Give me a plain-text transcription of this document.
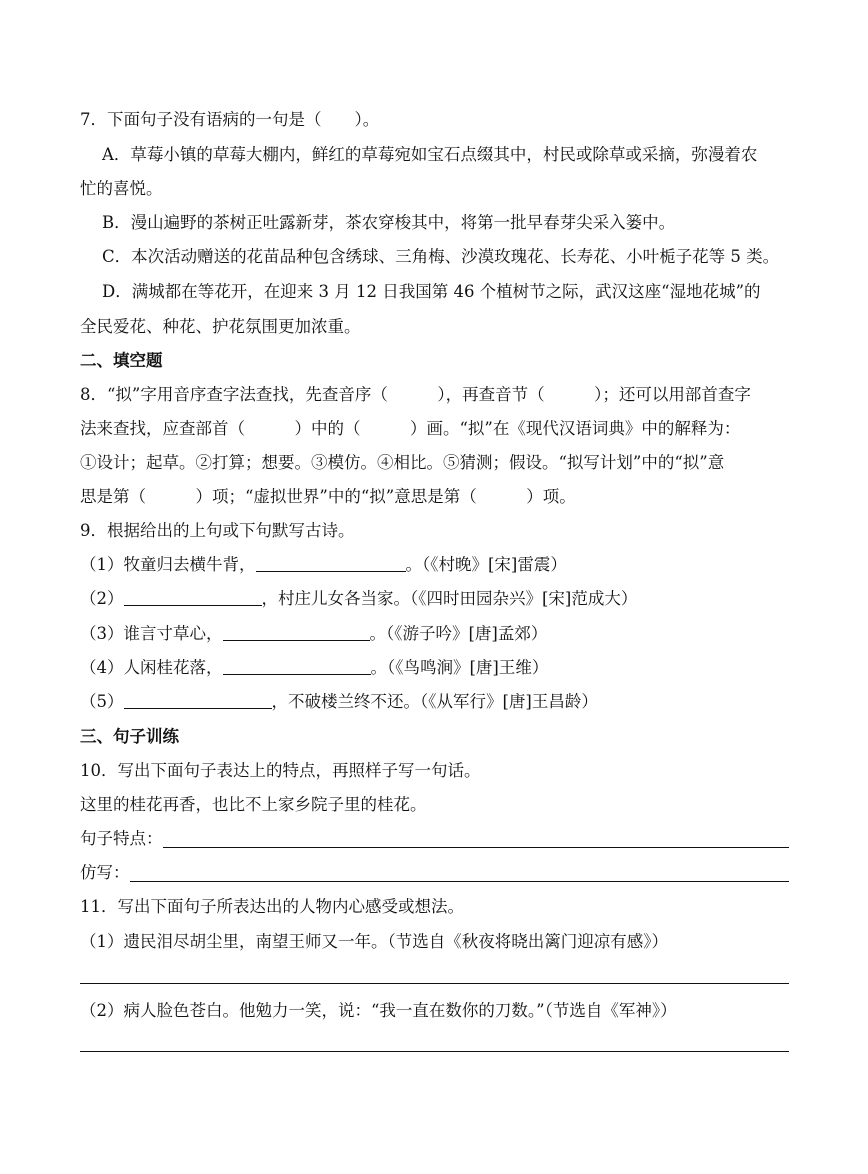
7．下面句子没有语病的一句是（　　）。
A．草莓小镇的草莓大棚内，鲜红的草莓宛如宝石点缀其中，村民或除草或采摘，弥漫着农
忙的喜悦。
B．漫山遍野的茶树正吐露新芽，茶农穿梭其中，将第一批早春芽尖采入篓中。
C．本次活动赠送的花苗品种包含绣球、三角梅、沙漠玫瑰花、长寿花、小叶栀子花等 5 类。
D．满城都在等花开，在迎来 3 月 12 日我国第 46 个植树节之际，武汉这座“湿地花城”的
全民爱花、种花、护花氛围更加浓重。
二、填空题
8．“拟”字用音序查字法查找，先查音序（　　　），再查音节（　　　）；还可以用部首查字
法来查找，应查部首（　　　）中的（　　　）画。“拟”在《现代汉语词典》中的解释为：
①设计；起草。②打算；想要。③模仿。④相比。⑤猜测；假设。“拟写计划”中的“拟”意
思是第（　　　）项；“虚拟世界”中的“拟”意思是第（　　　）项。
9．根据给出的上句或下句默写古诗。
（1）牧童归去横牛背，	。（《村晚》[宋]雷震）
（2）	，村庄儿女各当家。（《四时田园杂兴》[宋]范成大）
（3）谁言寸草心，	。（《游子吟》[唐]孟郊）
（4）人闲桂花落，	。（《鸟鸣涧》[唐]王维）
（5）	，不破楼兰终不还。（《从军行》[唐]王昌龄）
三、句子训练
10．写出下面句子表达上的特点，再照样子写一句话。
这里的桂花再香，也比不上家乡院子里的桂花。
句子特点：
仿写：
11．写出下面句子所表达出的人物内心感受或想法。
（1）遗民泪尽胡尘里，南望王师又一年。（节选自《秋夜将晓出篱门迎凉有感》）
（2）病人脸色苍白。他勉力一笑，说：“我一直在数你的刀数。”（节选自《军神》）
